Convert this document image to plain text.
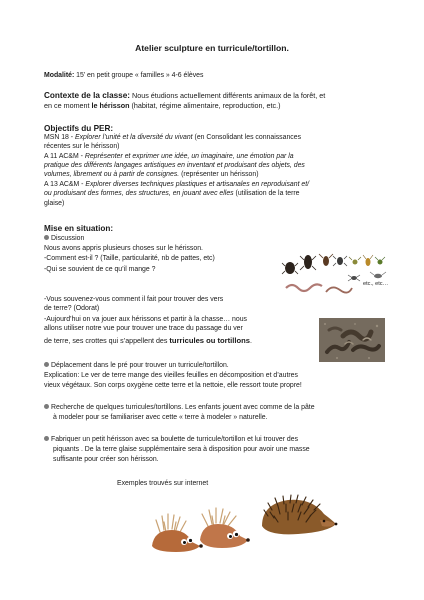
Atelier sculpture en turricule/tortillon.
Modalité: 15’ en petit groupe « familles » 4-6 élèves
Contexte de la classe: Nous étudions actuellement différents animaux de la forêt, et
en ce moment le hérisson (habitat, régime alimentaire, reproduction, etc.)
Objectifs du PER:
MSN 18 - Explorer l’unité et la diversité du vivant (en Consolidant les connaissances
récentes sur le hérisson)
A 11 AC&M - Représenter et exprimer une idée, un imaginaire, une émotion par la
pratique des différents langages artistiques en inventant et produisant des objets, des
volumes, librement ou à partir de consignes. (représenter un hérisson)
A 13 AC&M - Explorer diverses techniques plastiques et artisanales en reproduisant et/
ou produisant des formes, des structures, en jouant avec elles (utilisation de la terre
glaise)
Mise en situation:
Discussion
Nous avons appris plusieurs choses sur le hérisson.
-Comment est-il ? (Taille, particularité, nb de pattes, etc)
-Qui se souvient de ce qu’il mange ?
etc., etc…
-Vous souvenez-vous comment il fait pour trouver des vers
de terre? (Odorat)
-Aujourd’hui on va jouer aux hérissons et partir à la chasse… nous
allons utiliser notre vue pour trouver une trace du passage du ver
de terre, ses crottes qui s’appellent des turricules ou tortillons.
Déplacement dans le pré pour trouver un turricule/tortillon.
Explication: Le ver de terre mange des vieilles feuilles en décomposition et d’autres
vieux végétaux. Son corps oxygène cette terre et la nettoie, elle ressort toute propre!
Recherche de quelques turricules/tortillons. Les enfants jouent avec comme de la pâte
à modeler pour se familiariser avec cette « terre à modeler » naturelle.
Fabriquer un petit hérisson avec sa boulette de turricule/tortillon et lui trouver des
piquants . De la terre glaise supplémentaire sera à disposition pour avoir une masse
suffisante pour créer son hérisson.
Exemples trouvés sur internet
